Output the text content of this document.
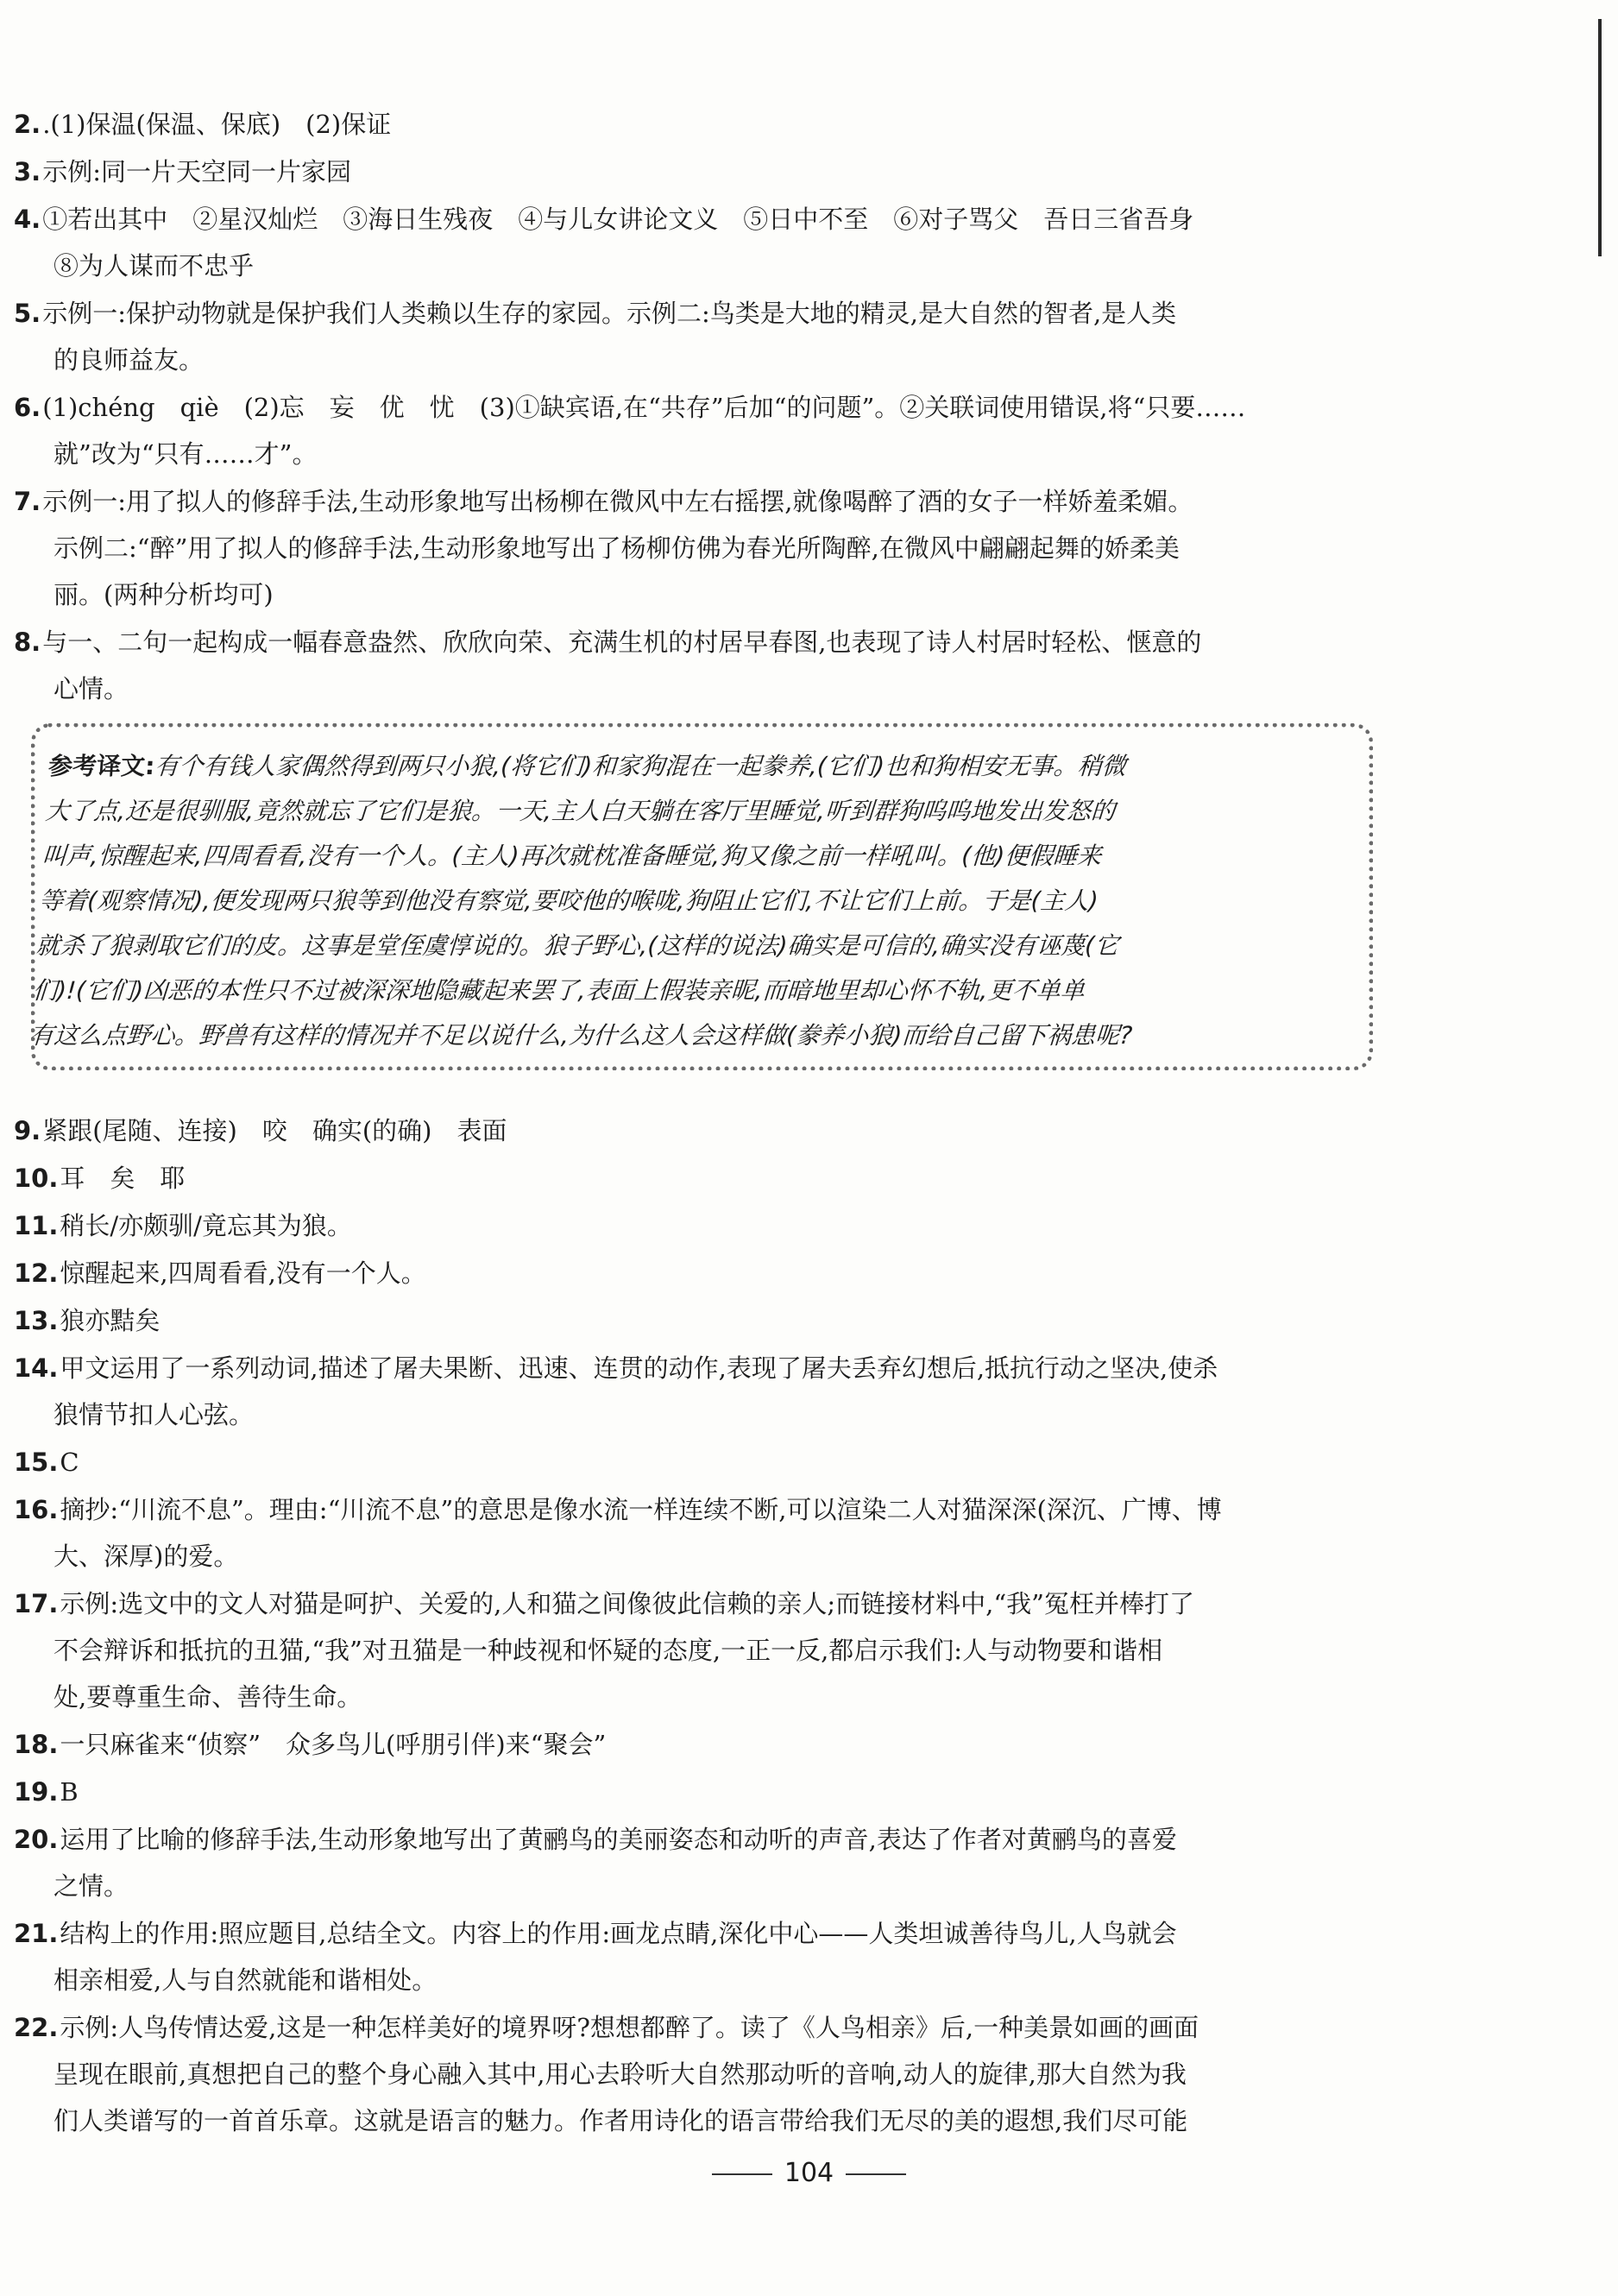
2..(1)保温(保温、保底)　(2)保证
3.示例:同一片天空同一片家园
4.①若出其中　②星汉灿烂　③海日生残夜　④与儿女讲论文义　⑤日中不至　⑥对子骂父　吾日三省吾身
⑧为人谋而不忠乎
5.示例一:保护动物就是保护我们人类赖以生存的家园。示例二:鸟类是大地的精灵,是大自然的智者,是人类
的良师益友。
6.(1)chéng　qiè　(2)忘　妄　优　忧　(3)①缺宾语,在“共存”后加“的问题”。②关联词使用错误,将“只要……
就”改为“只有……才”。
7.示例一:用了拟人的修辞手法,生动形象地写出杨柳在微风中左右摇摆,就像喝醉了酒的女子一样娇羞柔媚。
示例二:“醉”用了拟人的修辞手法,生动形象地写出了杨柳仿佛为春光所陶醉,在微风中翩翩起舞的娇柔美
丽。(两种分析均可)
8.与一、二句一起构成一幅春意盎然、欣欣向荣、充满生机的村居早春图,也表现了诗人村居时轻松、惬意的
心情。
参考译文:有个有钱人家偶然得到两只小狼,(将它们)和家狗混在一起豢养,(它们)也和狗相安无事。稍微
大了点,还是很驯服,竟然就忘了它们是狼。一天,主人白天躺在客厅里睡觉,听到群狗呜呜地发出发怒的
叫声,惊醒起来,四周看看,没有一个人。(主人)再次就枕准备睡觉,狗又像之前一样吼叫。(他)便假睡来
等着(观察情况),便发现两只狼等到他没有察觉,要咬他的喉咙,狗阻止它们,不让它们上前。于是(主人)
就杀了狼剥取它们的皮。这事是堂侄虞惇说的。狼子野心,(这样的说法)确实是可信的,确实没有诬蔑(它
们)!(它们)凶恶的本性只不过被深深地隐藏起来罢了,表面上假装亲昵,而暗地里却心怀不轨,更不单单
有这么点野心。野兽有这样的情况并不足以说什么,为什么这人会这样做(豢养小狼)而给自己留下祸患呢?
9.紧跟(尾随、连接)　咬　确实(的确)　表面
10.耳　矣　耶
11.稍长/亦颇驯/竟忘其为狼。
12.惊醒起来,四周看看,没有一个人。
13.狼亦黠矣
14.甲文运用了一系列动词,描述了屠夫果断、迅速、连贯的动作,表现了屠夫丢弃幻想后,抵抗行动之坚决,使杀
狼情节扣人心弦。
15.C
16.摘抄:“川流不息”。理由:“川流不息”的意思是像水流一样连续不断,可以渲染二人对猫深深(深沉、广博、博
大、深厚)的爱。
17.示例:选文中的文人对猫是呵护、关爱的,人和猫之间像彼此信赖的亲人;而链接材料中,“我”冤枉并棒打了
不会辩诉和抵抗的丑猫,“我”对丑猫是一种歧视和怀疑的态度,一正一反,都启示我们:人与动物要和谐相
处,要尊重生命、善待生命。
18.一只麻雀来“侦察”　众多鸟儿(呼朋引伴)来“聚会”
19.B
20.运用了比喻的修辞手法,生动形象地写出了黄鹂鸟的美丽姿态和动听的声音,表达了作者对黄鹂鸟的喜爱
之情。
21.结构上的作用:照应题目,总结全文。内容上的作用:画龙点睛,深化中心——人类坦诚善待鸟儿,人鸟就会
相亲相爱,人与自然就能和谐相处。
22.示例:人鸟传情达爱,这是一种怎样美好的境界呀?想想都醉了。读了《人鸟相亲》后,一种美景如画的画面
呈现在眼前,真想把自己的整个身心融入其中,用心去聆听大自然那动听的音响,动人的旋律,那大自然为我
们人类谱写的一首首乐章。这就是语言的魅力。作者用诗化的语言带给我们无尽的美的遐想,我们尽可能
104
